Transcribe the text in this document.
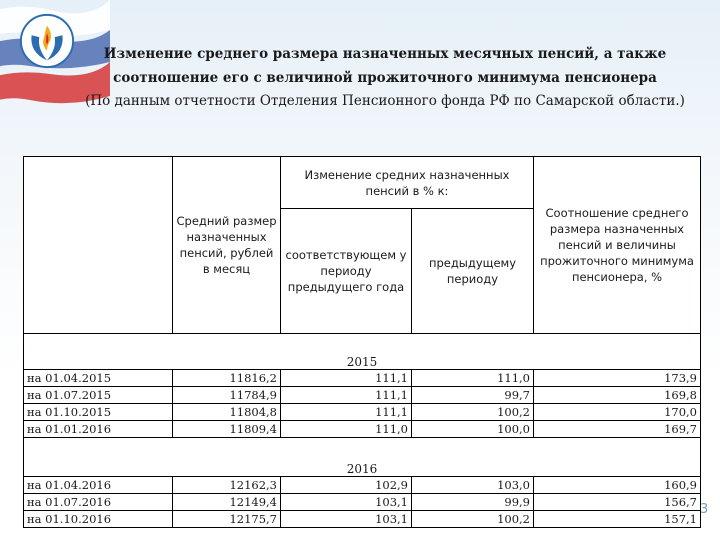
Изменение среднего размера назначенных месячных пенсий, а также
соотношение его с величиной прожиточного минимума пенсионера
(По данным отчетности Отделения Пенсионного фонда РФ по Самарской области.)
	Средний размер назначенных пенсий, рублей в месяц	Изменение средних назначенных пенсий в % к:		Соотношение среднего размера назначенных пенсий и величины прожиточного минимума пенсионера, %
		соответствующем у периоду предыдущего года	предыдущему периоду	
2015				
на 01.04.2015	11816,2	111,1	111,0	173,9
на 01.07.2015	11784,9	111,1	99,7	169,8
на 01.10.2015	11804,8	111,1	100,2	170,0
на 01.01.2016	11809,4	111,0	100,0	169,7
2016				
на 01.04.2016	12162,3	102,9	103,0	160,9
на 01.07.2016	12149,4	103,1	99,9	156,7
на 01.10.2016	12175,7	103,1	100,2	157,1
3
